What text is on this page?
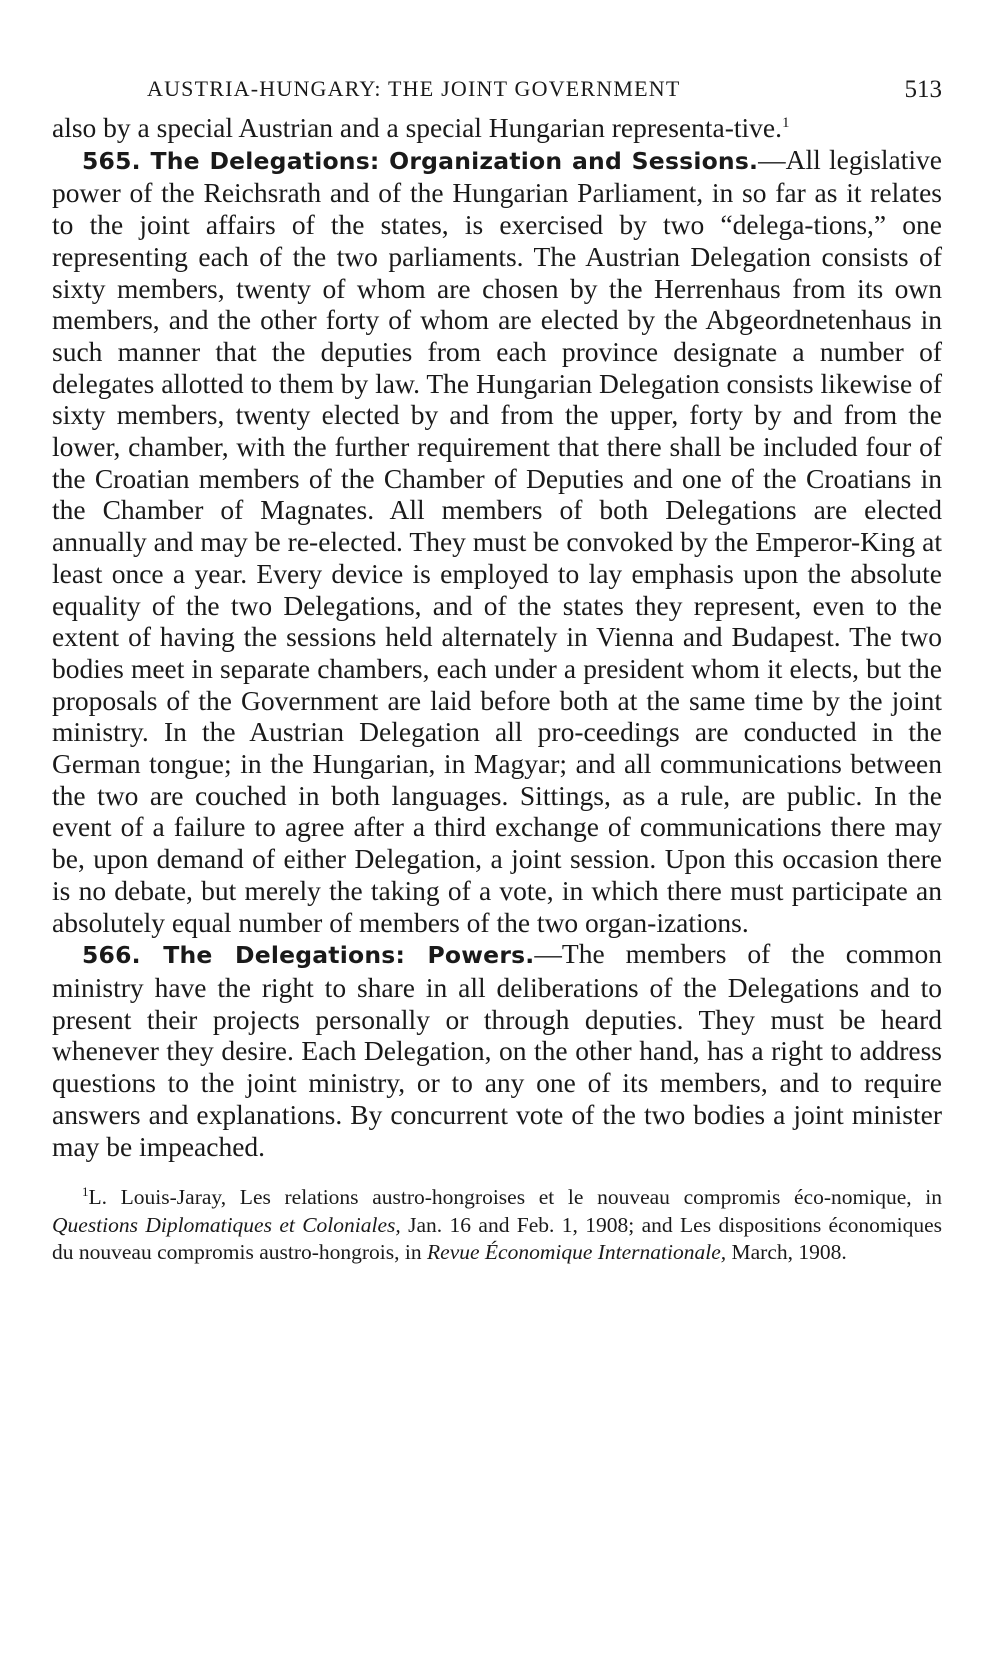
AUSTRIA-HUNGARY: THE JOINT GOVERNMENT	513

also by a special Austrian and a special Hungarian representa-tive.$^1$

565. The Delegations: Organization and Sessions.—All legislative power of the Reichsrath and of the Hungarian Parliament, in so far as it relates to the joint affairs of the states, is exercised by two “delega-tions,” one representing each of the two parliaments. The Austrian Delegation consists of sixty members, twenty of whom are chosen by the Herrenhaus from its own members, and the other forty of whom are elected by the Abgeordnetenhaus in such manner that the deputies from each province designate a number of delegates allotted to them by law. The Hungarian Delegation consists likewise of sixty members, twenty elected by and from the upper, forty by and from the lower, chamber, with the further requirement that there shall be included four of the Croatian members of the Chamber of Deputies and one of the Croatians in the Chamber of Magnates. All members of both Delegations are elected annually and may be re-elected. They must be convoked by the Emperor-King at least once a year. Every device is employed to lay emphasis upon the absolute equality of the two Delegations, and of the states they represent, even to the extent of having the sessions held alternately in Vienna and Budapest. The two bodies meet in separate chambers, each under a president whom it elects, but the proposals of the Government are laid before both at the same time by the joint ministry. In the Austrian Delegation all pro-ceedings are conducted in the German tongue; in the Hungarian, in Magyar; and all communications between the two are couched in both languages. Sittings, as a rule, are public. In the event of a failure to agree after a third exchange of communications there may be, upon demand of either Delegation, a joint session. Upon this occasion there is no debate, but merely the taking of a vote, in which there must participate an absolutely equal number of members of the two organ-izations.

566. The Delegations: Powers.—The members of the common ministry have the right to share in all deliberations of the Delegations and to present their projects personally or through deputies. They must be heard whenever they desire. Each Delegation, on the other hand, has a right to address questions to the joint ministry, or to any one of its members, and to require answers and explanations. By concurrent vote of the two bodies a joint minister may be impeached.

$^1$L. Louis-Jaray, Les relations austro-hongroises et le nouveau compromis éco-nomique, in Questions Diplomatiques et Coloniales, Jan. 16 and Feb. 1, 1908; and Les dispositions économiques du nouveau compromis austro-hongrois, in Revue Économique Internationale, March, 1908.
